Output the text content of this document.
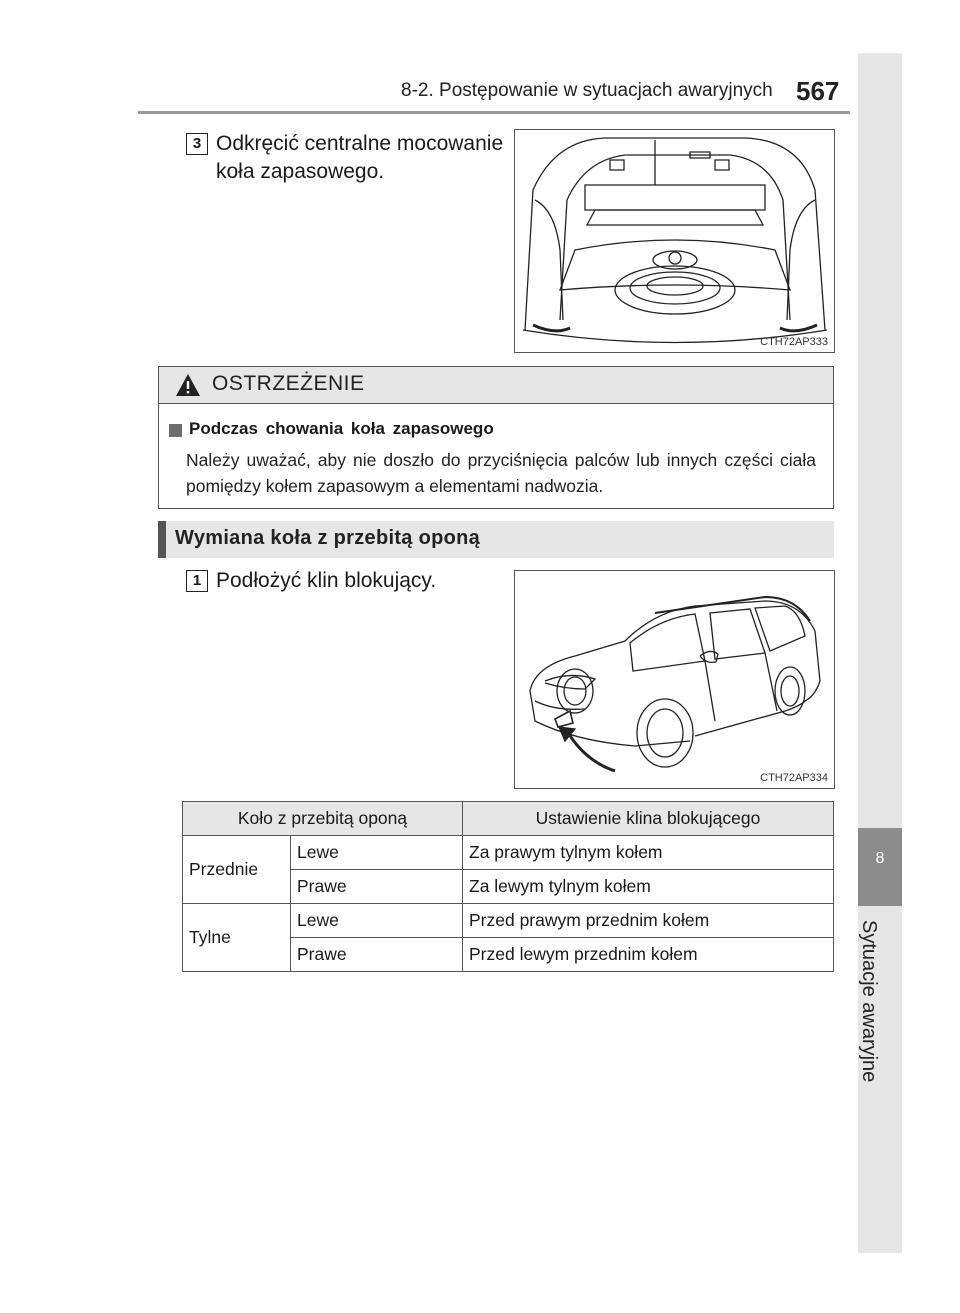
8-2. Postępowanie w sytuacjach awaryjnych 567
8
Sytuacje awaryjne
3 Odkręcić centralne mocowanie
koła zapasowego.
CTH72AP333
OSTRZEŻENIE
Podczas chowania koła zapasowego
Należy uważać, aby nie doszło do przyciśnięcia palców lub innych części ciała pomiędzy kołem zapasowym a elementami nadwozia.
Wymiana koła z przebitą oponą
1 Podłożyć klin blokujący.
CTH72AP334
Koło z przebitą oponą		Ustawienie klina blokującego
Przednie	Lewe	Za prawym tylnym kołem
	Prawe	Za lewym tylnym kołem
Tylne	Lewe	Przed prawym przednim kołem
	Prawe	Przed lewym przednim kołem
